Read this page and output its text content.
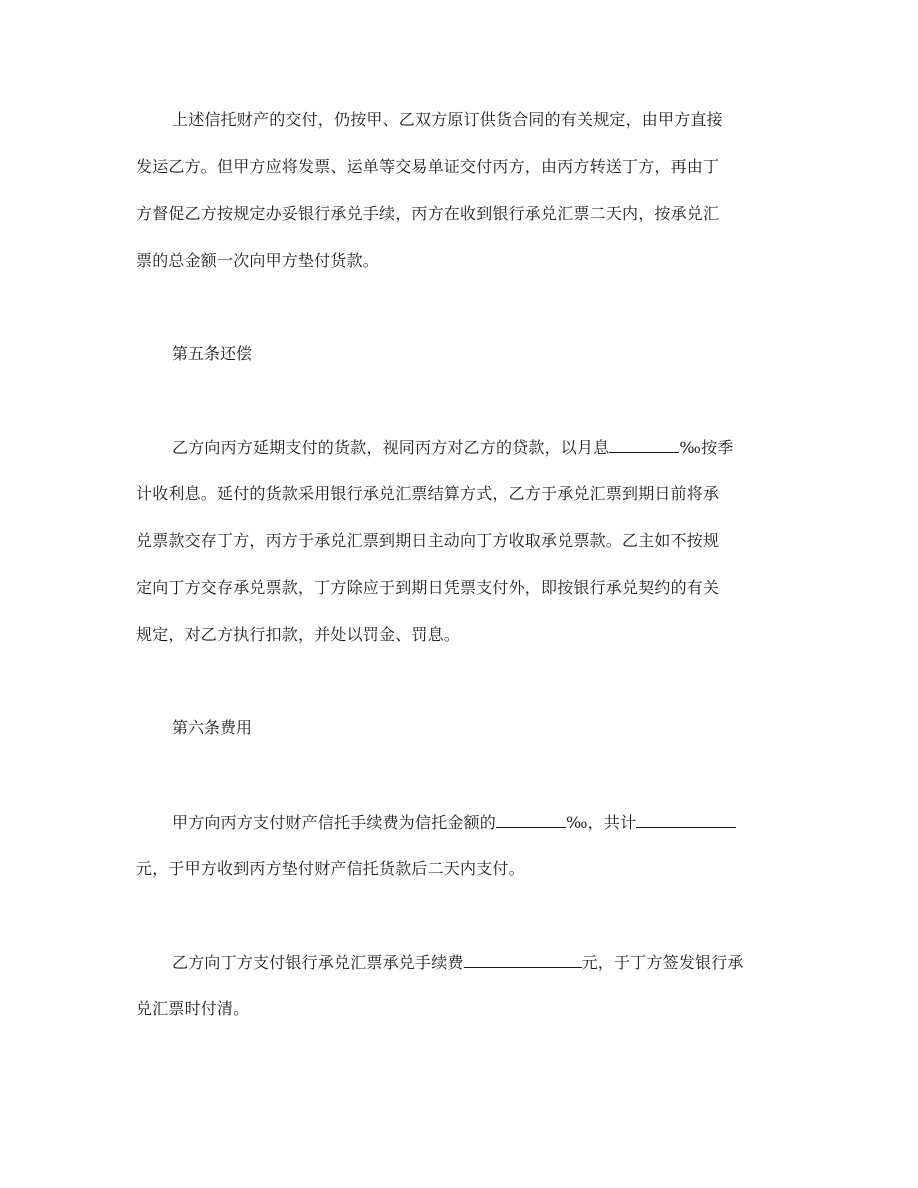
上述信托财产的交付，仍按甲、乙双方原订供货合同的有关规定，由甲方直接
发运乙方。但甲方应将发票、运单等交易单证交付丙方，由丙方转送丁方，再由丁
方督促乙方按规定办妥银行承兑手续，丙方在收到银行承兑汇票二天内，按承兑汇
票的总金额一次向甲方垫付货款。
第五条还偿
乙方向丙方延期支付的货款，视同丙方对乙方的贷款，以月息	‰按季
计收利息。延付的货款采用银行承兑汇票结算方式，乙方于承兑汇票到期日前将承
兑票款交存丁方，丙方于承兑汇票到期日主动向丁方收取承兑票款。乙主如不按规
定向丁方交存承兑票款，丁方除应于到期日凭票支付外，即按银行承兑契约的有关
规定，对乙方执行扣款，并处以罚金、罚息。
第六条费用
甲方向丙方支付财产信托手续费为信托金额的	‰，共计
元，于甲方收到丙方垫付财产信托货款后二天内支付。
乙方向丁方支付银行承兑汇票承兑手续费	元，于丁方签发银行承
兑汇票时付清。
